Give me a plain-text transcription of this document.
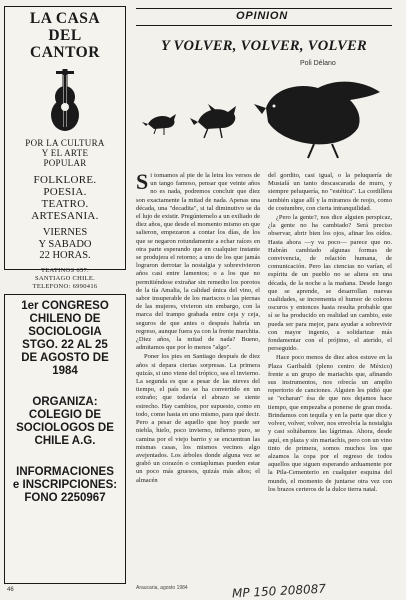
LA CASA
DEL
CANTOR
POR LA CULTURA
Y EL ARTE
POPULAR
FOLKLORE.
POESIA.
TEATRO.
ARTESANIA.
VIERNES
Y SABADO
22 HORAS.
TEATINOS 657.
SANTIAGO CHILE.
TELEFONO: 6990416
1er CONGRESO
CHILENO DE
SOCIOLOGIA
STGO. 22 AL 25
DE AGOSTO DE
1984
ORGANIZA:
COLEGIO DE
SOCIOLOGOS DE
CHILE A.G.
INFORMACIONES
e INSCRIPCIONES:
FONO 2250967
46
OPINION
Y VOLVER, VOLVER, VOLVER
Poli Délano

Si tomamos al pie de la letra los versos de un tango famoso, pensar que veinte años no es nada, podremos concluir que diez son exactamente la mitad de nada. Apenas una década, una "decadita", si tal diminutivo se da el lujo de existir. Pregúntemelo a un exiliado de diez años, que desde el momento mismo en que salieron, empezaron a contar los días, de los que se negaron rotundamente a echar raíces en otra parte esperando que en cualquier instante se produjera el retorno; a uno de los que jamás lograron derrotar la nostalgia y sobrevivieron años casi entre lamentos; o a los que no permitiéndose extrañar sin remedio los porotos de la tía Amalia, la calidad única del vino, el sabor insuperable de los mariscos o las piernas de las mujeres, vivieron sin embargo, con la marca del trampo grabada entre ceja y ceja, seguros de que antes o después habría un regreso, aunque fuera ya con la frente marchita. ¿Diez años, la mitad de nada? Bueno, admitamos que por lo menos "algo".

Poner los pies en Santiago después de diez años si depara ciertas sorpresas. La primera quizás, si uno viene del trópico, sea el invierno. La segunda es que a pesar de las nieves del tiempo, el país no se ha convertido en un extraño; que todavía el abrazo se siente estrecho. Hay cambios, por supuesto, como en todo, como hasta en uno mismo, para qué decir. Pero a pesar de aquello que hoy puede ser niebla, hielo, poco invierno, infierno puro, se camina por el viejo barrio y se encuentran las mismas casas, los mismos vecinos algo avejentados. Los árboles donde alguna vez se grabó un corazón o contaplumas pueden estar un poco más gruesos, quizás más altos; el almacén

del gordito, casi igual, o la peluquería de Mustafá un tanto descascarada de muro, y siempre peluquería, no "estética". La cordillera también sigue allí y la miramos de reojo, como de costumbre, con cierta intranquilidad.

¿Pero la gente?, nos dice alguien perspicaz, ¿la gente no ha cambiado? Será preciso observar, abrir bien los ojos, afinar los oídos. Hasta ahora —y va poco— parece que no. Habrán cambiado algunas formas de convivencia, de relación humana, de comunicación. Pero las ciencias no varían, el espíritu de un pueblo no se altera en una década, de la noche a la mañana. Desde luego que se aprende, se desarrollan nuevas cualidades, se incrementa el humor de colores oscuros y entonces hasta resulta probable que sí se ha producido en realidad un cambio, este pueda ser para mejor, para ayudar a sobrevivir con mayor ingenio, a solidarizar más fondamentar con el prójimo, el aterido, el perseguido.

Hace poco menos de diez años estuve en la Plaza Garibaldi (pleno centro de México) frente a un grupo de mariachis que, afinando sus instrumentos, nos ofrecía un amplio repertorio de canciones. Alguien les pidió que se "echaran" ésa de que nos dejamos hace tiempo, que empezaba a ponerse de gran moda. Brindamos con tequila y en la parte que dice y volver, volver, volver, nos envolvía la nostalgia y casi soltábamos las lágrimas. Ahora, desde aquí, en plaza y sin mariachis, pero con un vino tinto de primera, somos muchos los que alzamos la copa por el regreso de todos aquellos que siguen esperando arduamente por la Pila-Cementerio en cualquier esquina del mundo, el momento de juntarse otra vez con los brazos certeros de la dulce tierra natal.

Araucaria, agosto 1984	MP 150 208087
